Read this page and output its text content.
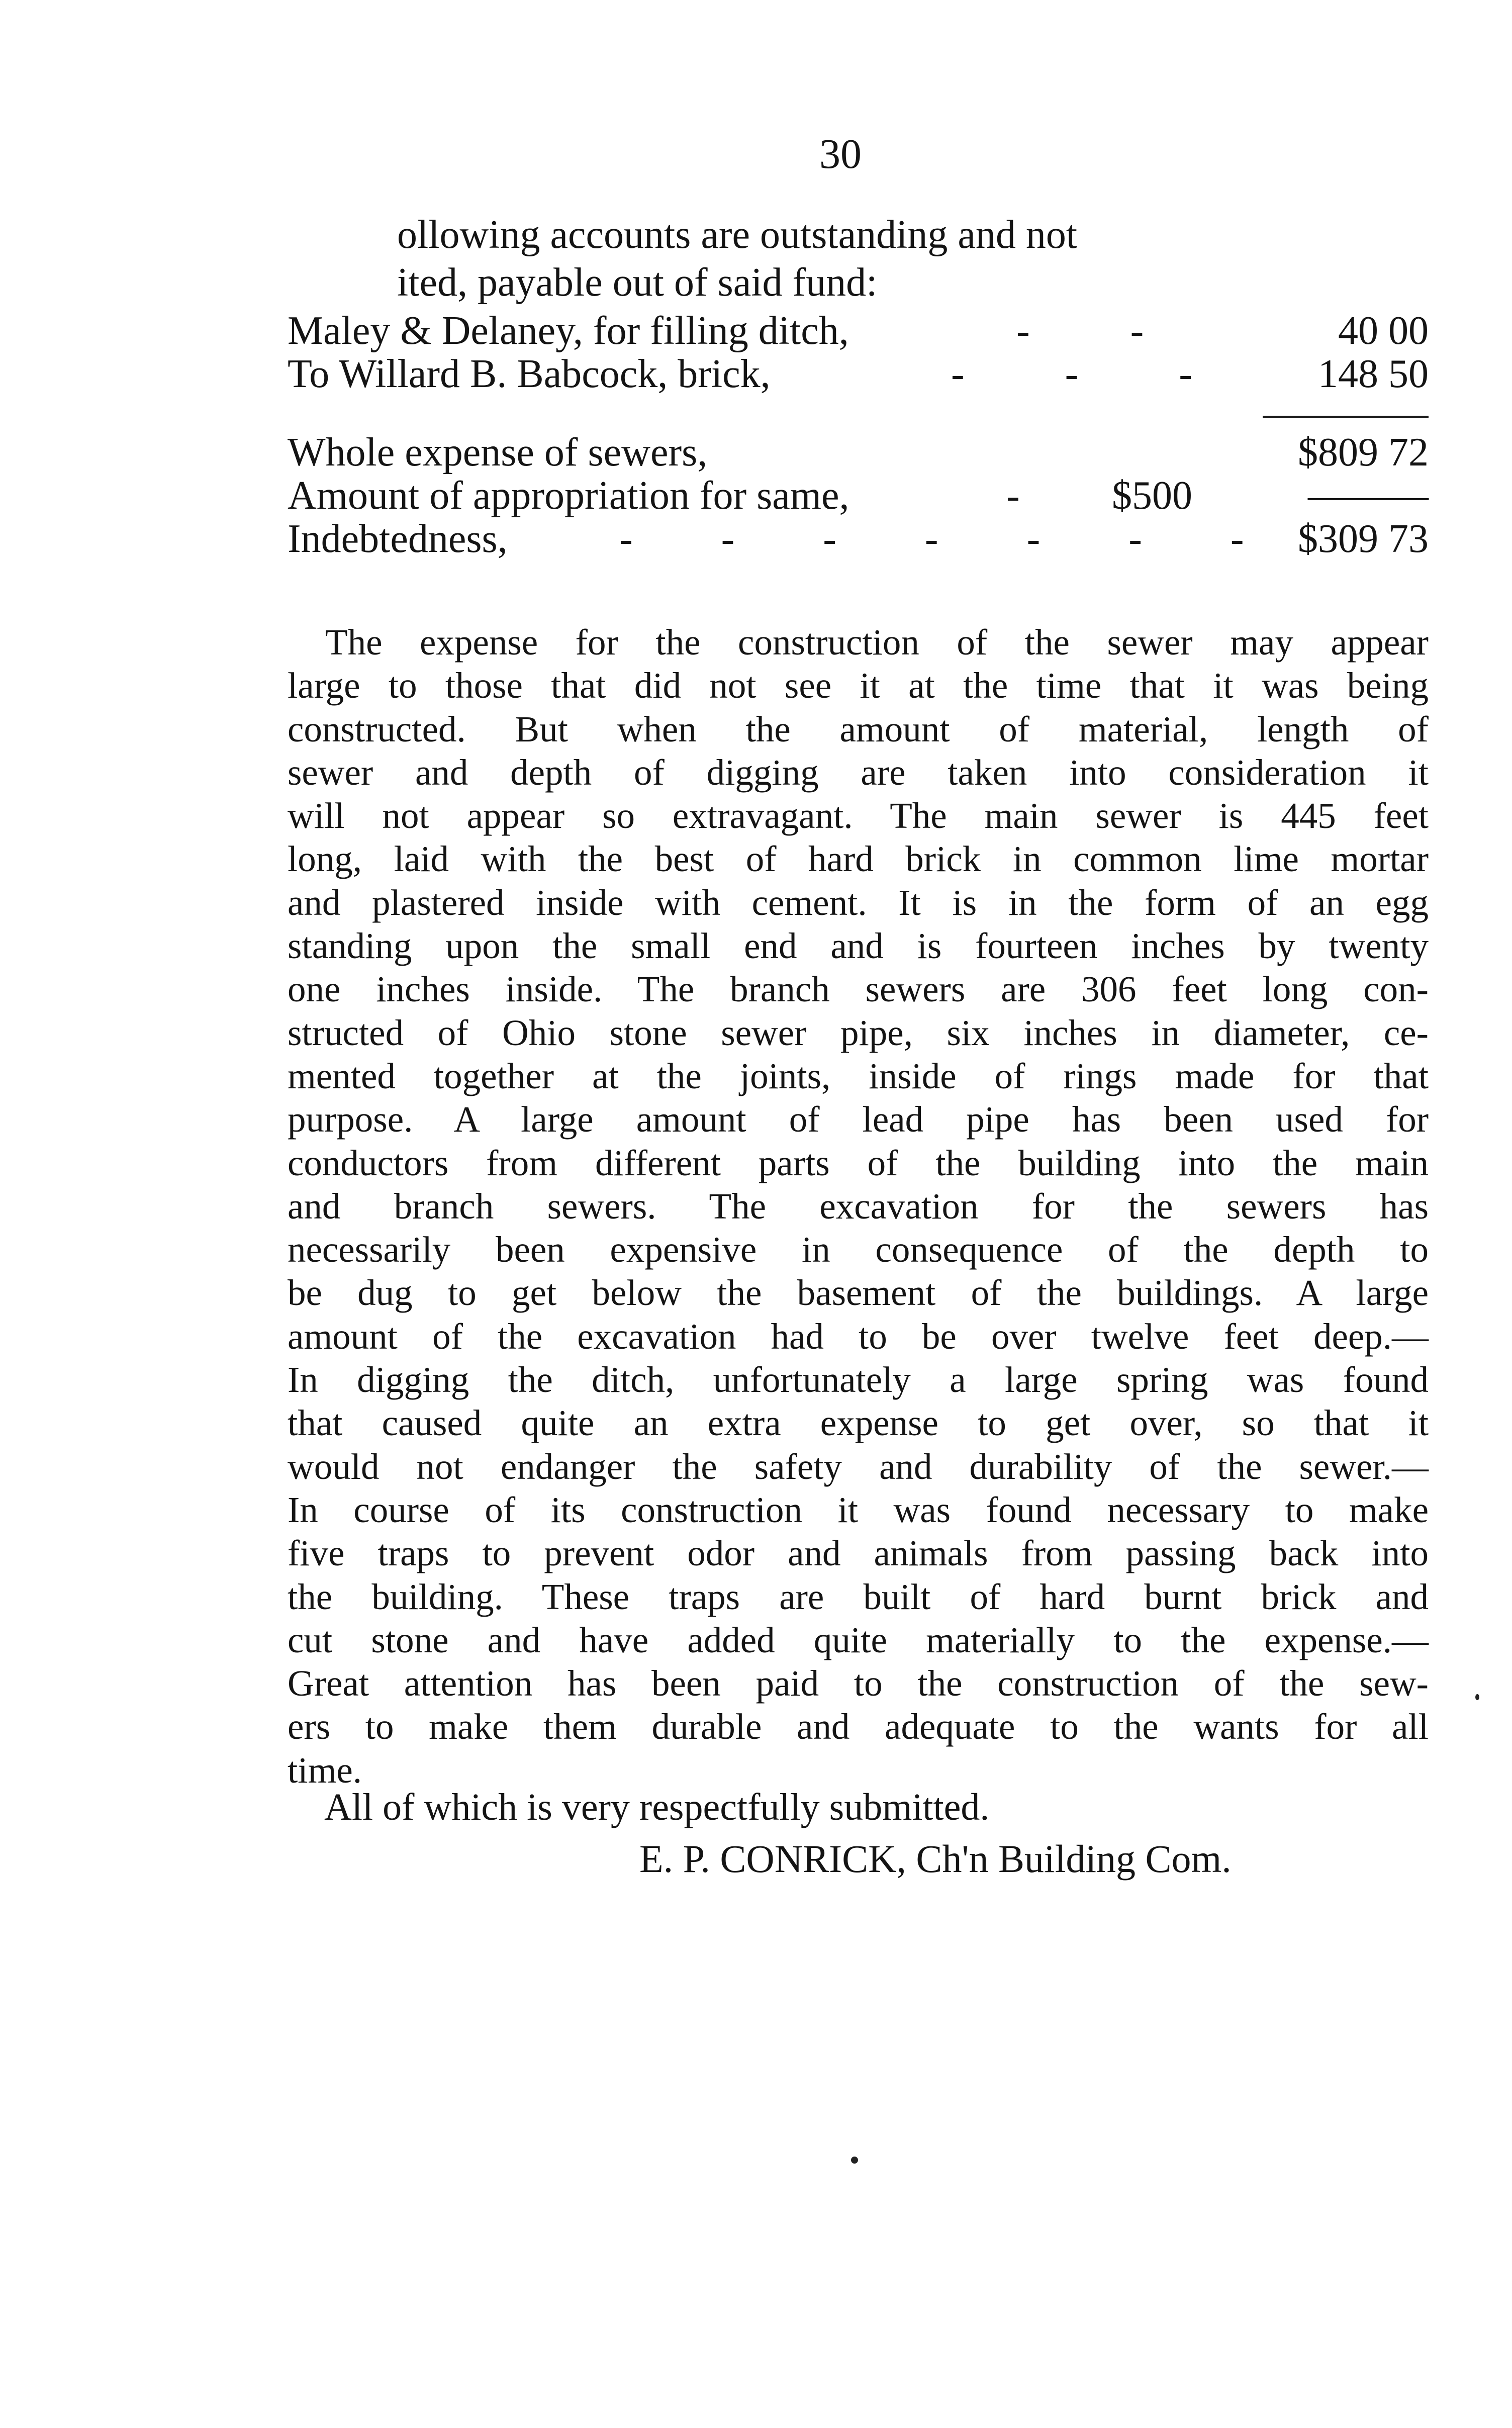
30
ollowing accounts are outstanding and not
ited, payable out of said fund:
Maley & Delaney, for filling ditch,	- -	40 00
To Willard B. Babcock, brick,	- - - 148 50
Whole expense of sewers,	$809 72
Amount of appropriation for same,	- $500	———
Indebtedness,	- - - - - - - $309 73
The expense for the construction of the sewer may appear
large to those that did not see it at the time that it was being
constructed. But when the amount of material, length of
sewer and depth of digging are taken into consideration it
will not appear so extravagant. The main sewer is 445 feet
long, laid with the best of hard brick in common lime mortar
and plastered inside with cement. It is in the form of an egg
standing upon the small end and is fourteen inches by twenty
one inches inside. The branch sewers are 306 feet long con-
structed of Ohio stone sewer pipe, six inches in diameter, ce-
mented together at the joints, inside of rings made for that
purpose. A large amount of lead pipe has been used for
conductors from different parts of the building into the main
and branch sewers. The excavation for the sewers has
necessarily been expensive in consequence of the depth to
be dug to get below the basement of the buildings. A large
amount of the excavation had to be over twelve feet deep.—
In digging the ditch, unfortunately a large spring was found
that caused quite an extra expense to get over, so that it
would not endanger the safety and durability of the sewer.—
In course of its construction it was found necessary to make
five traps to prevent odor and animals from passing back into
the building. These traps are built of hard burnt brick and
cut stone and have added quite materially to the expense.—
Great attention has been paid to the construction of the sew-
ers to make them durable and adequate to the wants for all
time.
All of which is very respectfully submitted.
E. P. CONRICK, Ch'n Building Com.
